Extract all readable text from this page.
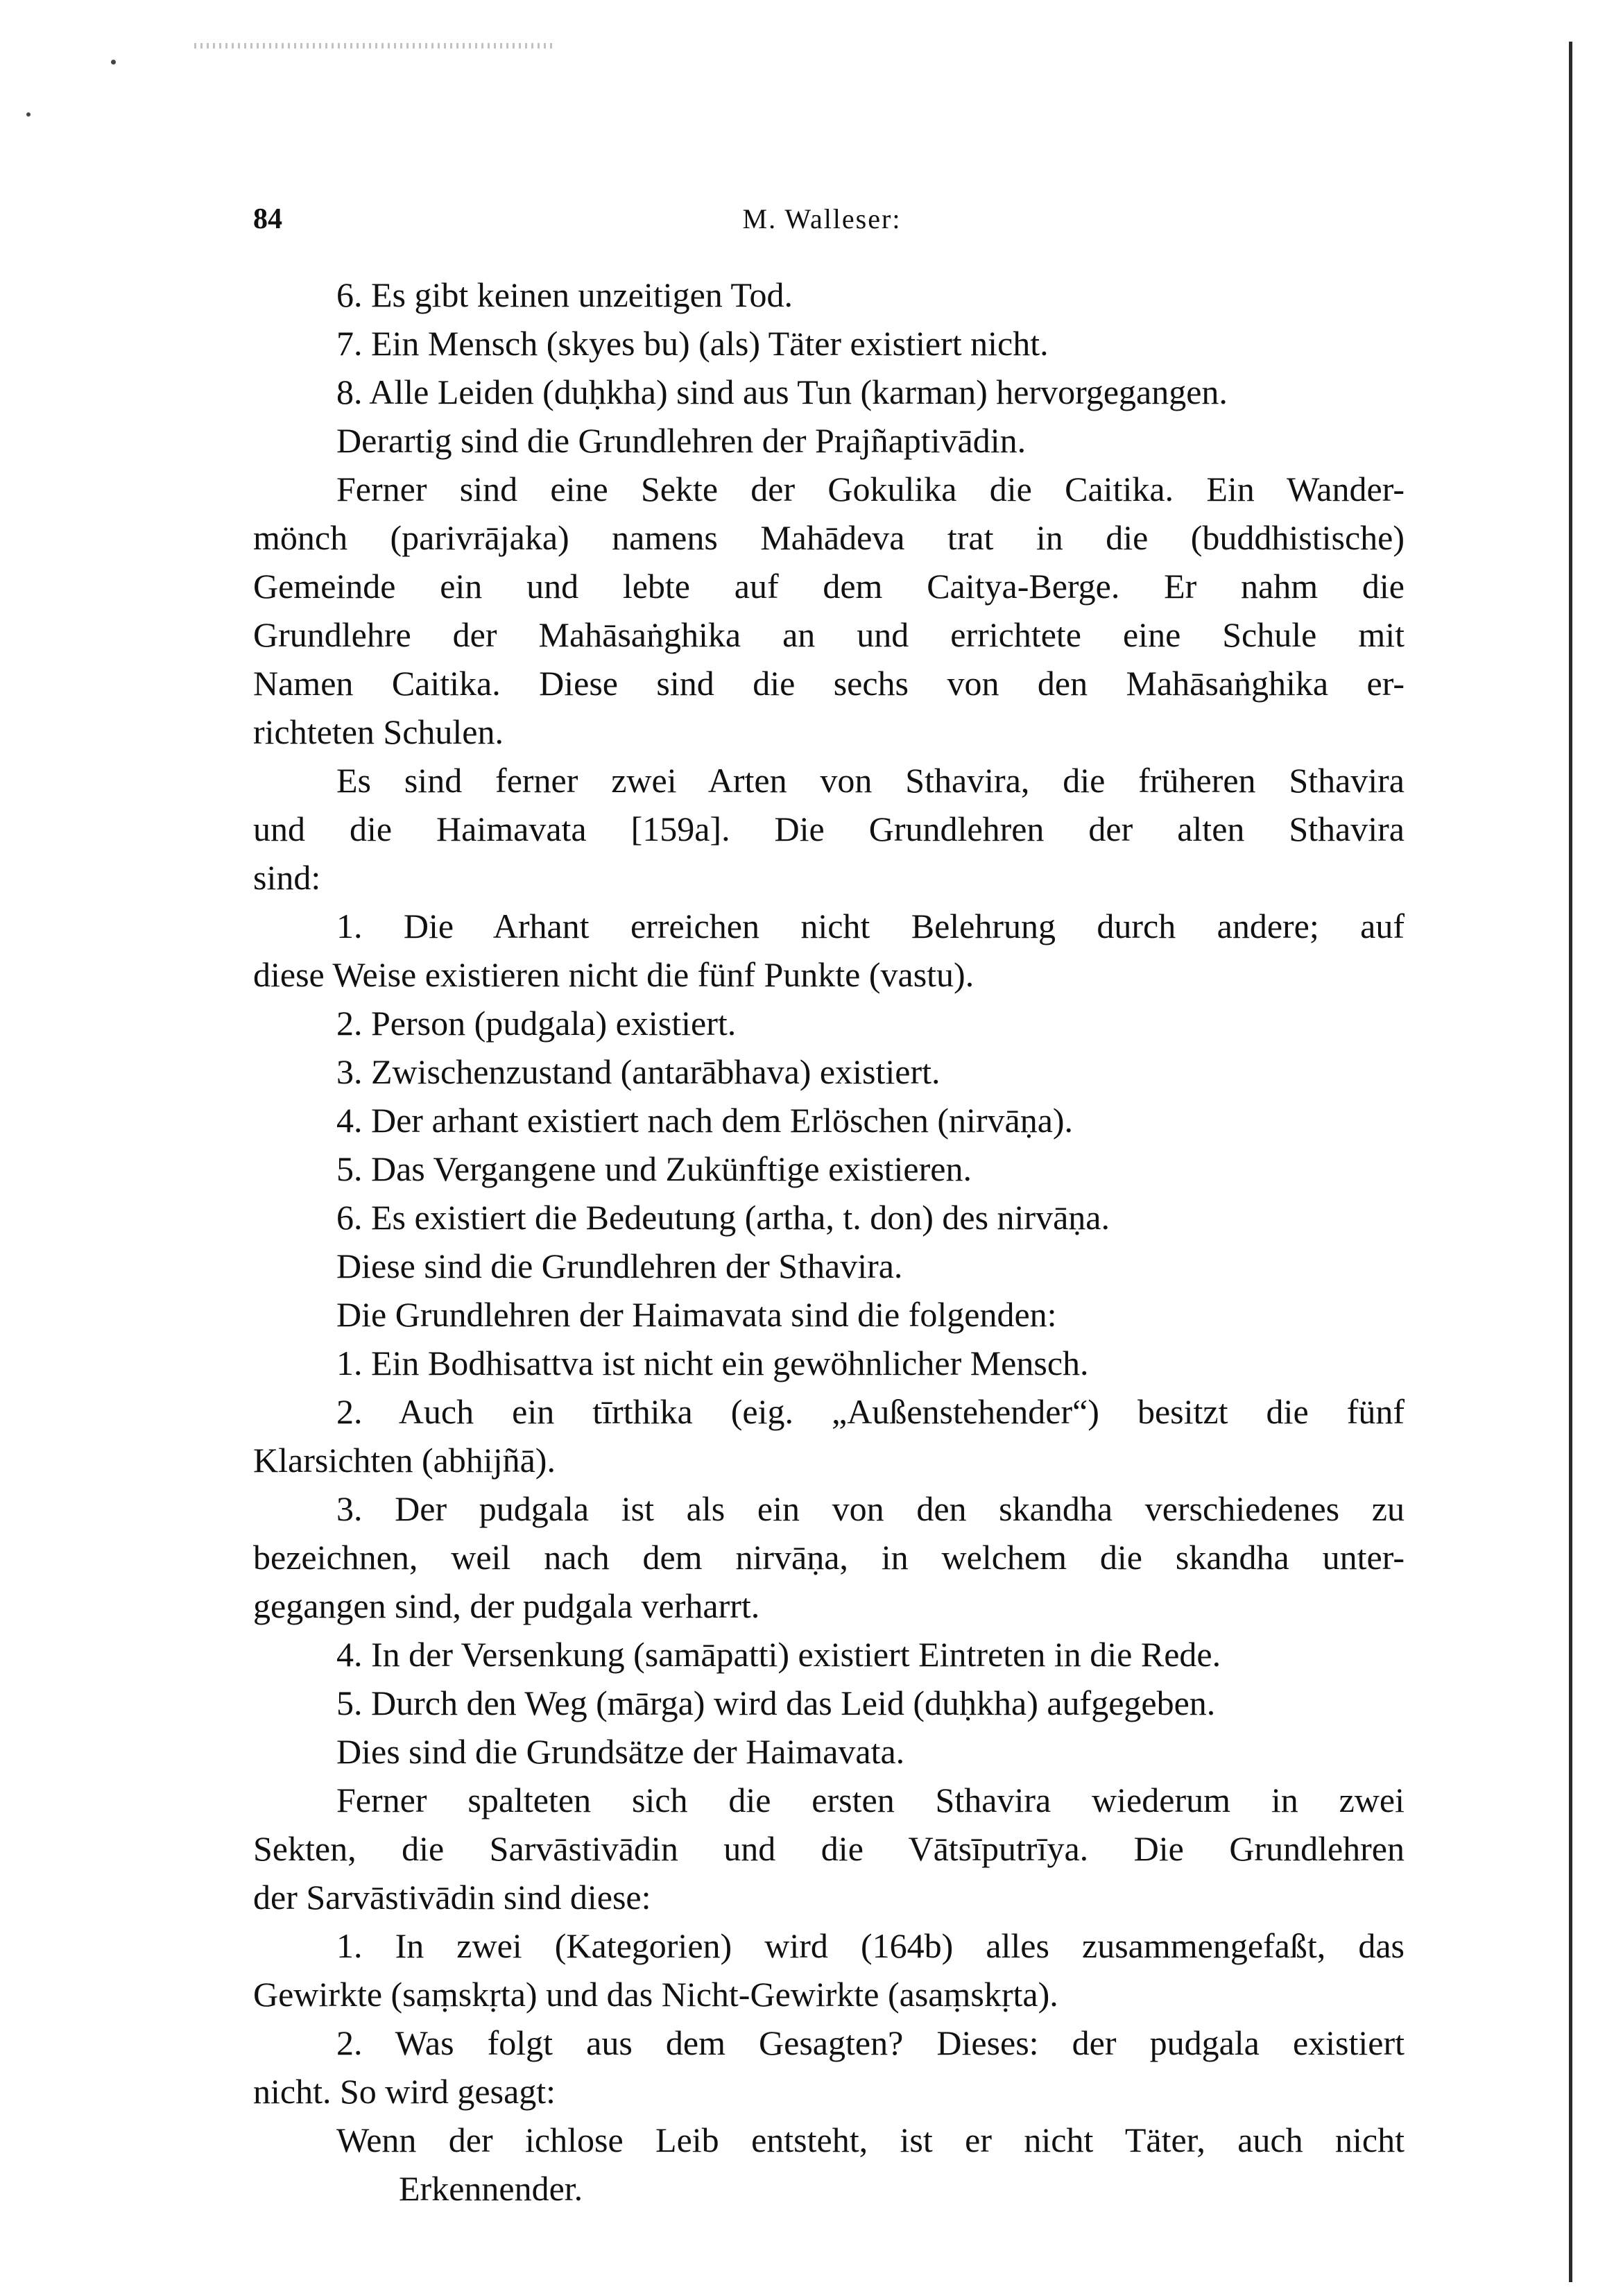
84	M. Walleser:
6. Es gibt keinen unzeitigen Tod.
7. Ein Mensch (skyes bu) (als) Täter existiert nicht.
8. Alle Leiden (duḥkha) sind aus Tun (karman) hervorgegangen.
Derartig sind die Grundlehren der Prajñaptivādin.
Ferner sind eine Sekte der Gokulika die Caitika. Ein Wander-
mönch (parivrājaka) namens Mahādeva trat in die (buddhistische)
Gemeinde ein und lebte auf dem Caitya-Berge. Er nahm die
Grundlehre der Mahāsaṅghika an und errichtete eine Schule mit
Namen Caitika. Diese sind die sechs von den Mahāsaṅghika er-
richteten Schulen.
Es sind ferner zwei Arten von Sthavira, die früheren Sthavira
und die Haimavata [159a]. Die Grundlehren der alten Sthavira
sind:
1. Die Arhant erreichen nicht Belehrung durch andere; auf
diese Weise existieren nicht die fünf Punkte (vastu).
2. Person (pudgala) existiert.
3. Zwischenzustand (antarābhava) existiert.
4. Der arhant existiert nach dem Erlöschen (nirvāṇa).
5. Das Vergangene und Zukünftige existieren.
6. Es existiert die Bedeutung (artha, t. don) des nirvāṇa.
Diese sind die Grundlehren der Sthavira.
Die Grundlehren der Haimavata sind die folgenden:
1. Ein Bodhisattva ist nicht ein gewöhnlicher Mensch.
2. Auch ein tīrthika (eig. „Außenstehender“) besitzt die fünf
Klarsichten (abhijñā).
3. Der pudgala ist als ein von den skandha verschiedenes zu
bezeichnen, weil nach dem nirvāṇa, in welchem die skandha unter-
gegangen sind, der pudgala verharrt.
4. In der Versenkung (samāpatti) existiert Eintreten in die Rede.
5. Durch den Weg (mārga) wird das Leid (duḥkha) aufgegeben.
Dies sind die Grundsätze der Haimavata.
Ferner spalteten sich die ersten Sthavira wiederum in zwei
Sekten, die Sarvāstivādin und die Vātsīputrīya. Die Grundlehren
der Sarvāstivādin sind diese:
1. In zwei (Kategorien) wird (164b) alles zusammengefaßt, das
Gewirkte (saṃskṛta) und das Nicht-Gewirkte (asaṃskṛta).
2. Was folgt aus dem Gesagten? Dieses: der pudgala existiert
nicht. So wird gesagt:
Wenn der ichlose Leib entsteht, ist er nicht Täter, auch nicht
Erkennender.
